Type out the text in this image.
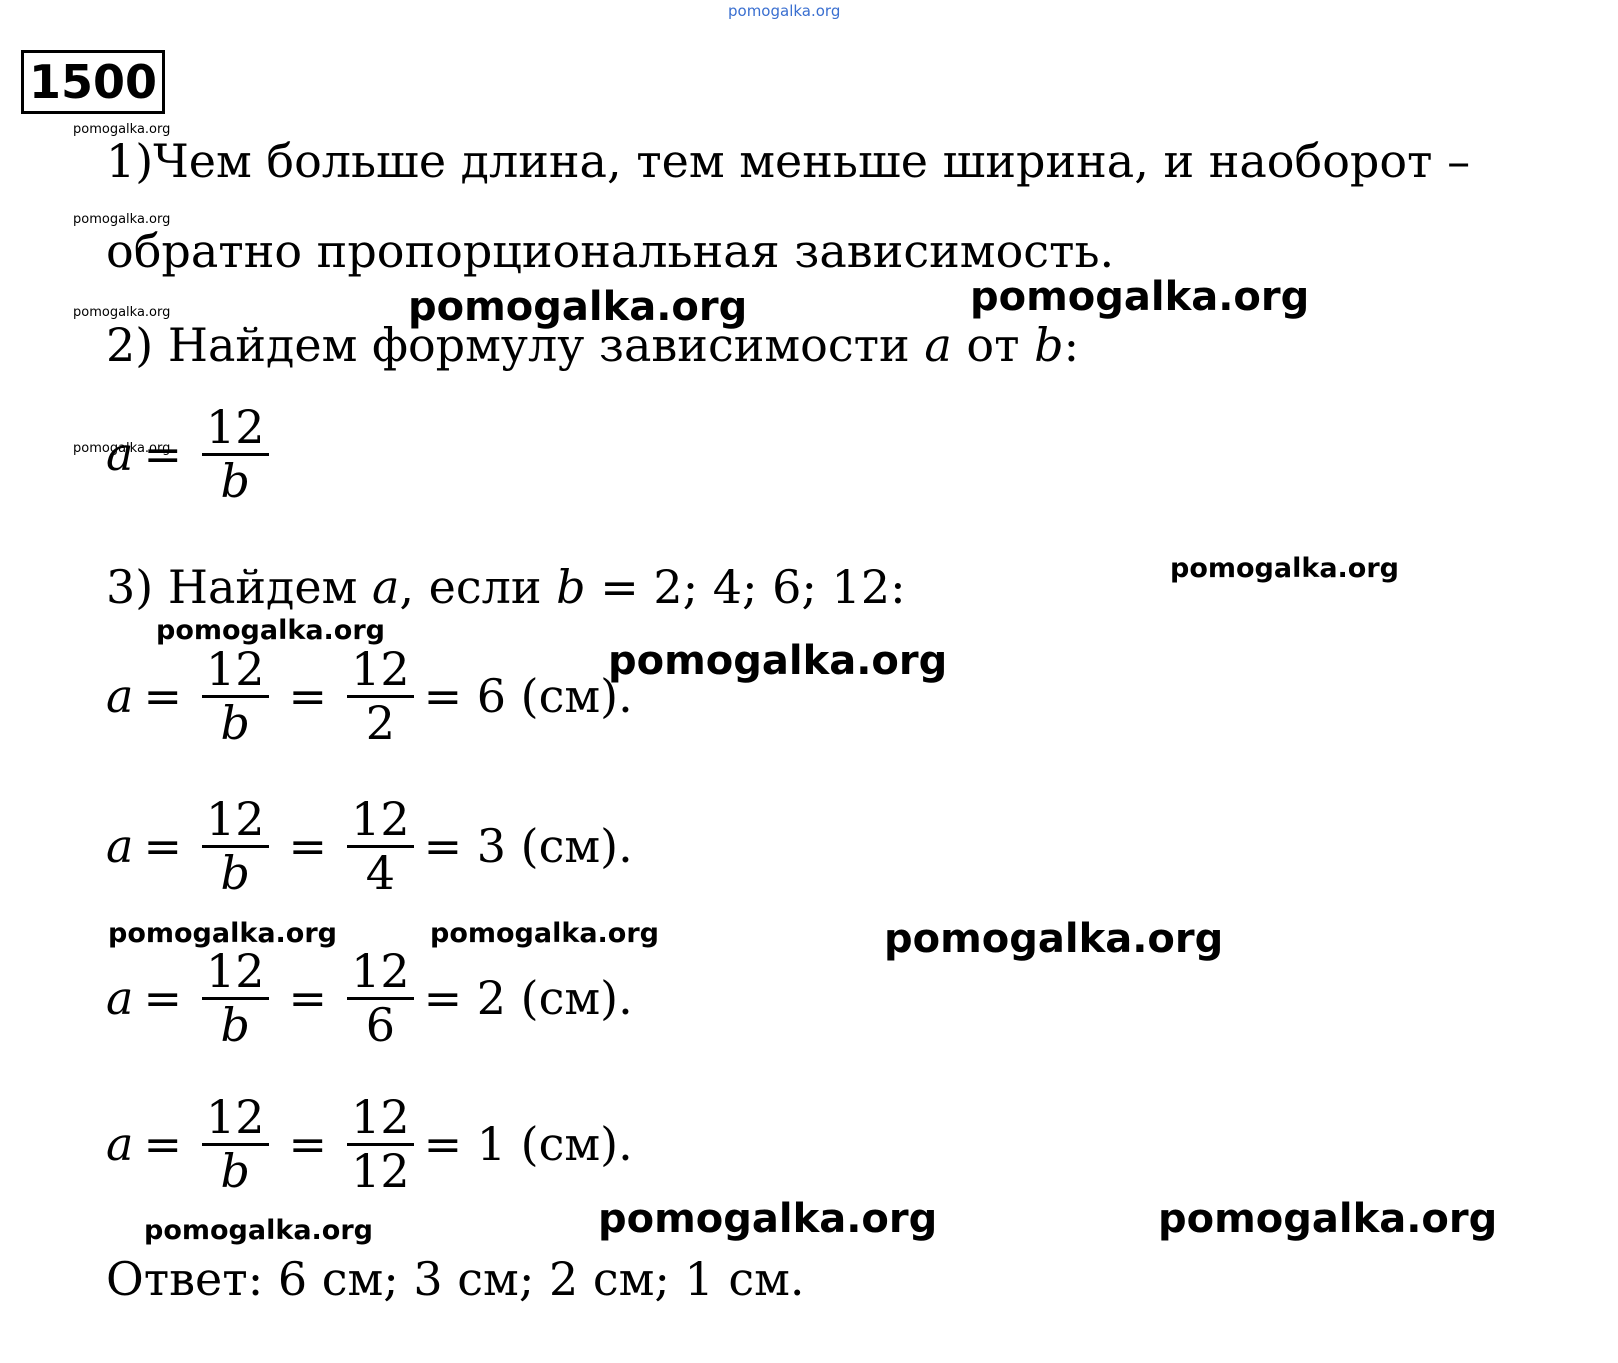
pomogalka.org
pomogalka.org
pomogalka.org
pomogalka.org
pomogalka.org
pomogalka.org	pomogalka.org
pomogalka.org
pomogalka.org
pomogalka.org
pomogalka.org	pomogalka.org	pomogalka.org
pomogalka.org	pomogalka.org	pomogalka.org
1500
1)Чем больше длина, тем меньше ширина, и наоборот –
обратно пропорциональная зависимость.
2) Найдем формулу зависимости a от b:
$a = \frac{12}{b}$
3) Найдем a, если b = 2; 4; 6; 12:
$a = \frac{12}{b} = \frac{12}{2} = 6$ (см).
$a = \frac{12}{b} = \frac{12}{4} = 3$ (см).
$a = \frac{12}{b} = \frac{12}{6} = 2$ (см).
$a = \frac{12}{b} = \frac{12}{12} = 1$ (см).
Ответ: 6 см; 3 см; 2 см; 1 см.
